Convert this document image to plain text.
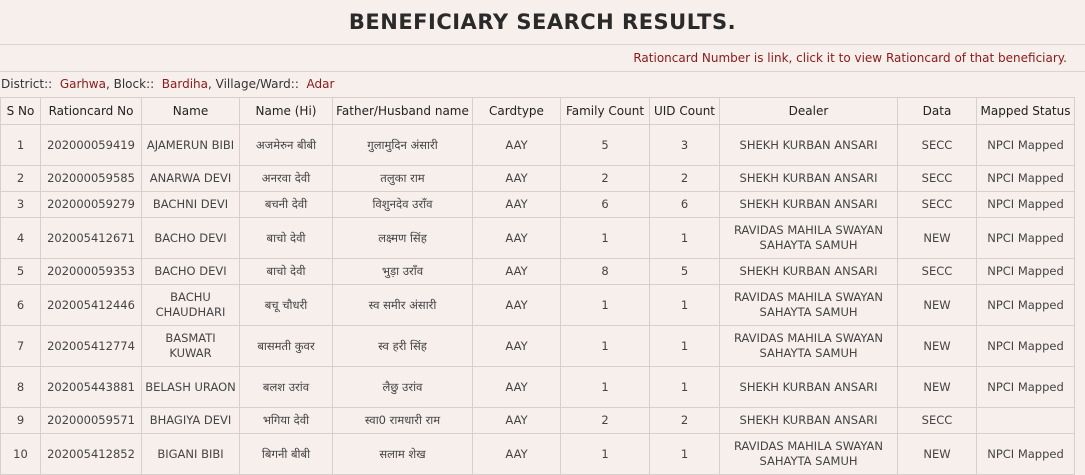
BENEFICIARY SEARCH RESULTS.
Rationcard Number is link, click it to view Rationcard of that beneficiary.
District:: Garhwa, Block:: Bardiha, Village/Ward:: Adar
S No	Rationcard No	Name	Name (Hi)	Father/Husband name	Cardtype	Family Count	UID Count	Dealer	Data	Mapped Status
1	202000059419	AJAMERUN BIBI	अजमेरुन बीबी	गुलामुदिन अंसारी	AAY	5	3	SHEKH KURBAN ANSARI	SECC	NPCI Mapped
2	202000059585	ANARWA DEVI	अनरवा देवी	तलुका राम	AAY	2	2	SHEKH KURBAN ANSARI	SECC	NPCI Mapped
3	202000059279	BACHNI DEVI	बचनी देवी	विशुनदेव उराँव	AAY	6	6	SHEKH KURBAN ANSARI	SECC	NPCI Mapped
4	202005412671	BACHO DEVI	बाचो देवी	लक्ष्मण सिंह	AAY	1	1	RAVIDAS MAHILA SWAYAN SAHAYTA SAMUH	NEW	NPCI Mapped
5	202000059353	BACHO DEVI	बाचो देवी	भुड़ा उराँव	AAY	8	5	SHEKH KURBAN ANSARI	SECC	NPCI Mapped
6	202005412446	BACHU CHAUDHARI	बचू चौधरी	स्व समीर अंसारी	AAY	1	1	RAVIDAS MAHILA SWAYAN SAHAYTA SAMUH	NEW	NPCI Mapped
7	202005412774	BASMATI KUWAR	बासमती कुवर	स्व हरी सिंह	AAY	1	1	RAVIDAS MAHILA SWAYAN SAHAYTA SAMUH	NEW	NPCI Mapped
8	202005443881	BELASH URAON	बलश उरांव	लैछु उरांव	AAY	1	1	SHEKH KURBAN ANSARI	NEW	NPCI Mapped
9	202000059571	BHAGIYA DEVI	भगिया देवी	स्वा0 रामधारी राम	AAY	2	2	SHEKH KURBAN ANSARI	SECC	
10	202005412852	BIGANI BIBI	बिगनी बीबी	सलाम शेख	AAY	1	1	RAVIDAS MAHILA SWAYAN SAHAYTA SAMUH	NEW	NPCI Mapped
